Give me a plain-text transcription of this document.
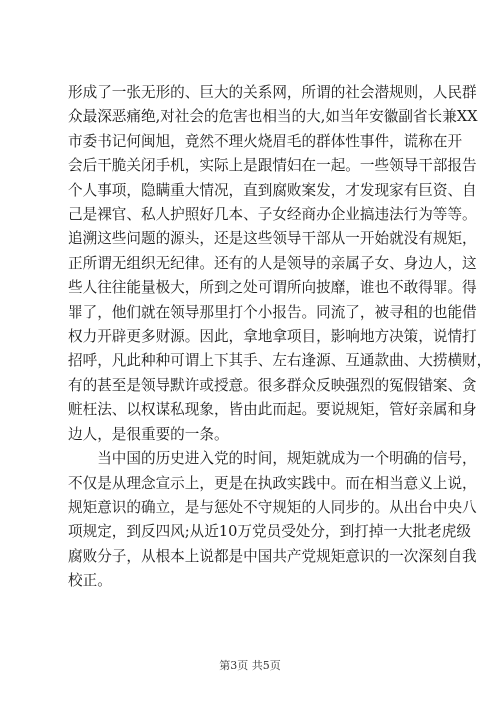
形成了一张无形的、巨大的关系网，所谓的社会潜规则，人民群
众最深恶痛绝,对社会的危害也相当的大,如当年安徽副省长兼XX
市委书记何闽旭，竟然不理火烧眉毛的群体性事件，谎称在开
会后干脆关闭手机，实际上是跟情妇在一起。一些领导干部报告
个人事项，隐瞒重大情况，直到腐败案发，才发现家有巨资、自
己是裸官、私人护照好几本、子女经商办企业搞违法行为等等。
追溯这些问题的源头，还是这些领导干部从一开始就没有规矩，
正所谓无组织无纪律。还有的人是领导的亲属子女、身边人，这
些人往往能量极大，所到之处可谓所向披靡，谁也不敢得罪。得
罪了，他们就在领导那里打个小报告。同流了，被寻租的也能借
权力开辟更多财源。因此，拿地拿项目，影响地方决策，说情打
招呼，凡此种种可谓上下其手、左右逢源、互通款曲、大捞横财，
有的甚至是领导默许或授意。很多群众反映强烈的冤假错案、贪
赃枉法、以权谋私现象，皆由此而起。要说规矩，管好亲属和身
边人，是很重要的一条。

　　当中国的历史进入党的时间，规矩就成为一个明确的信号，
不仅是从理念宣示上，更是在执政实践中。而在相当意义上说，
规矩意识的确立，是与惩处不守规矩的人同步的。从出台中央八
项规定，到反四风;从近10万党员受处分，到打掉一大批老虎级
腐败分子，从根本上说都是中国共产党规矩意识的一次深刻自我
校正。

第3页 共5页
